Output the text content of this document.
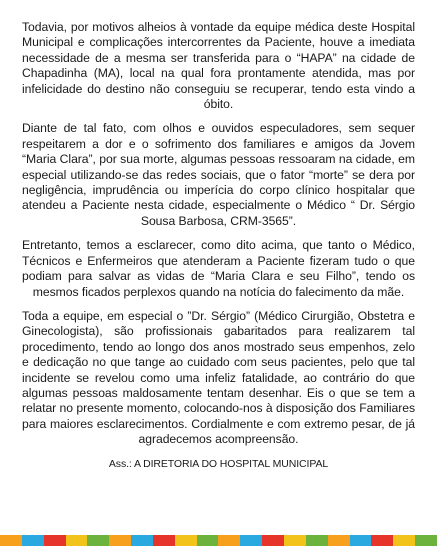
Todavia, por motivos alheios à vontade da equipe médica deste Hospital Municipal e complicações intercorrentes da Paciente, houve a imediata necessidade de a mesma ser transferida para o “HAPA” na cidade de Chapadinha (MA), local na qual fora prontamente atendida, mas por infelicidade do destino não conseguiu se recuperar, tendo esta vindo a óbito.

Diante de tal fato, com olhos e ouvidos especuladores, sem sequer respeitarem a dor e o sofrimento dos familiares e amigos da Jovem “Maria Clara”, por sua morte, algumas pessoas ressoaram na cidade, em especial utilizando-se das redes sociais, que o fator “morte” se dera por negligência, imprudência ou imperícia do corpo clínico hospitalar que atendeu a Paciente nesta cidade, especialmente o Médico “ Dr. Sérgio Sousa Barbosa, CRM-3565”.

Entretanto, temos a esclarecer, como dito acima, que tanto o Médico, Técnicos e Enfermeiros que atenderam a Paciente fizeram tudo o que podiam para salvar as vidas de “Maria Clara e seu Filho”, tendo os mesmos ficados perplexos quando na notícia do falecimento da mãe.

Toda a equipe, em especial o ”Dr. Sérgio” (Médico Cirurgião, Obstetra e Ginecologista), são profissionais gabaritados para realizarem tal procedimento, tendo ao longo dos anos mostrado seus empenhos, zelo e dedicação no que tange ao cuidado com seus pacientes, pelo que tal incidente se revelou como uma infeliz fatalidade, ao contrário do que algumas pessoas maldosamente tentam desenhar. Eis o que se tem a relatar no presente momento, colocando-nos à disposição dos Familiares para maiores esclarecimentos. Cordialmente e com extremo pesar, de já agradecemos acompreensão.

Ass.: A DIRETORIA DO HOSPITAL MUNICIPAL
